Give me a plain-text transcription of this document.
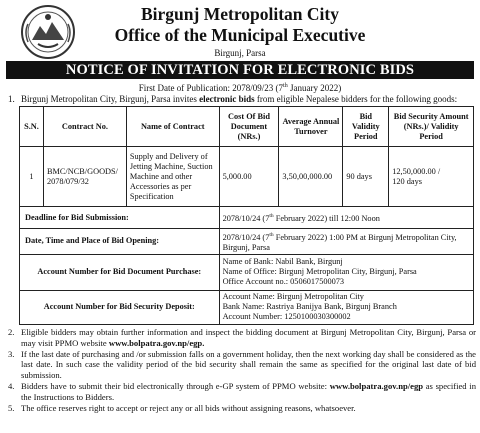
Birgunj Metropolitan City
Office of the Municipal Executive
Birgunj, Parsa
NOTICE OF INVITATION FOR ELECTRONIC BIDS
First Date of Publication: 2078/09/23 (7th January 2022)
1. Birgunj Metropolitan City, Birgunj, Parsa invites electronic bids from eligible Nepalese bidders for the following goods:
S.N.	Contract No.	Name of Contract	Cost Of Bid Document (NRs.)	Average Annual Turnover	Bid Validity Period	Bid Security Amount (NRs.)/ Validity Period
1	BMC/NCB/GOODS/ 2078/079/32	Supply and Delivery of Jetting Machine, Suction Machine and other Accessories as per Specification	5,000.00	3,50,00,000.00	90 days	12,50,000.00 /
120 days

Deadline for Bid Submission:			2078/10/24 (7th February 2022) till 12:00 Noon			
Date, Time and Place of Bid Opening:			2078/10/24 (7th February 2022) 1:00 PM at Birgunj Metropolitan City, Birgunj, Parsa			
Account Number for Bid Document Purchase:			Name of Bank: Nabil Bank, Birgunj
Name of Office: Birgunj Metropolitan City, Birgunj, Parsa
Office Account no.: 0506017500073			

Account Number for Bid Security Deposit:			Account Name: Birgunj Metropolitan City
Bank Name: Rastriya Banijya Bank, Birgunj Branch
Account Number: 1250100030300002			
2. Eligible bidders may obtain further information and inspect the bidding document at Birgunj Metropolitan City, Birgunj, Parsa or may visit PPMO website www.bolpatra.gov.np/egp.
3. If the last date of purchasing and /or submission falls on a government holiday, then the next working day shall be considered as the last date. In such case the validity period of the bid security shall remain the same as specified for the original last date of bid submission.
4. Bidders have to submit their bid electronically through e-GP system of PPMO website: www.bolpatra.gov.np/egp as specified in the Instructions to Bidders.
5. The office reserves right to accept or reject any or all bids without assigning reasons, whatsoever.
